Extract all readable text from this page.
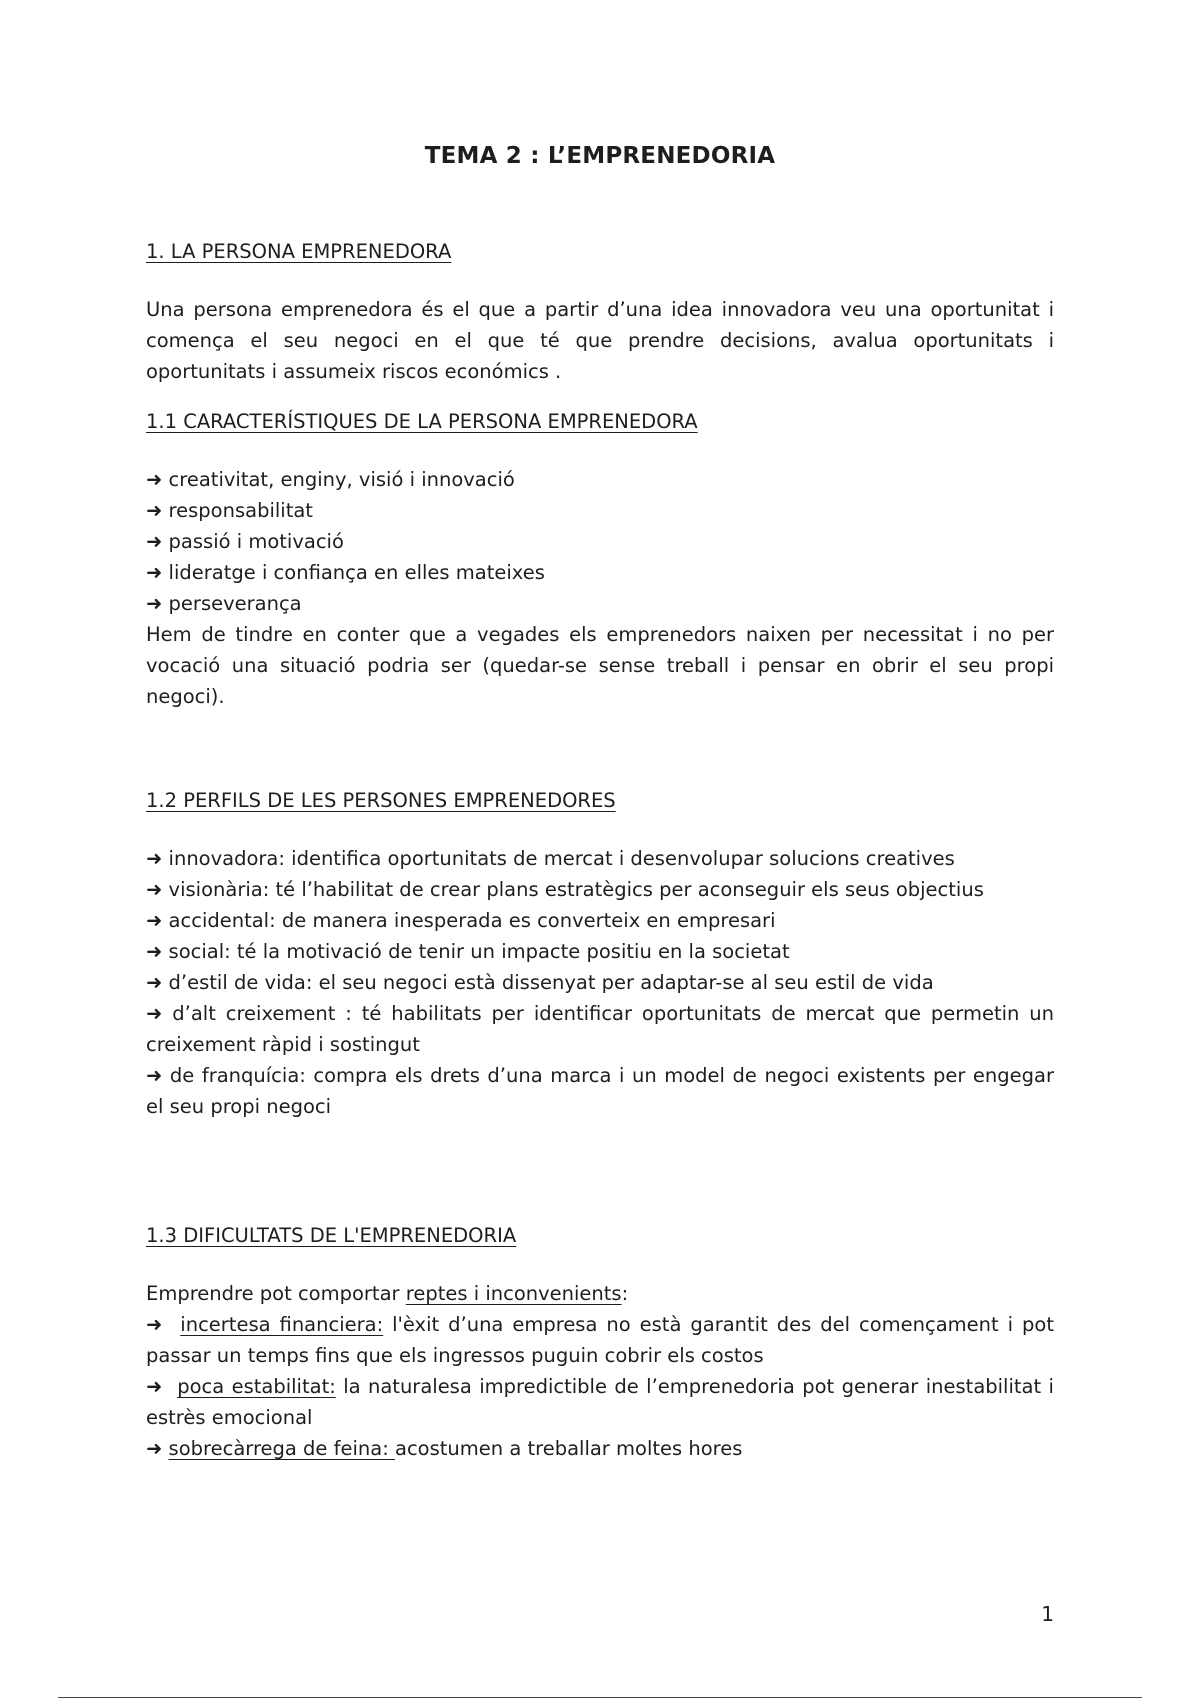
TEMA 2 : L’EMPRENEDORIA
1. LA PERSONA EMPRENEDORA

Una persona emprenedora és el que a partir d’una idea innovadora veu una oportunitat i comença el seu negoci en el que té que prendre decisions, avalua oportunitats i oportunitats i assumeix riscos económics .

1.1 CARACTERÍSTIQUES DE LA PERSONA EMPRENEDORA

➜ creativitat, enginy, visió i innovació

➜ responsabilitat

➜ passió i motivació

➜ lideratge i confiança en elles mateixes

➜ perseverança

Hem de tindre en conter que a vegades els emprenedors naixen per necessitat i no per vocació una situació podria ser (quedar-se sense treball i pensar en obrir el seu propi negoci).

1.2 PERFILS DE LES PERSONES EMPRENEDORES

➜ innovadora: identifica oportunitats de mercat i desenvolupar solucions creatives

➜ visionària: té l’habilitat de crear plans estratègics per aconseguir els seus objectius

➜ accidental: de manera inesperada es converteix en empresari

➜ social: té la motivació de tenir un impacte positiu en la societat

➜ d’estil de vida: el seu negoci està dissenyat per adaptar-se al seu estil de vida

➜ d’alt creixement : té habilitats per identificar oportunitats de mercat que permetin un creixement ràpid i sostingut

➜ de franquícia: compra els drets d’una marca i un model de negoci existents per engegar el seu propi negoci

1.3 DIFICULTATS DE L'EMPRENEDORIA

Emprendre pot comportar reptes i inconvenients:

➜ incertesa financiera: l'èxit d’una empresa no està garantit des del començament i pot passar un temps fins que els ingressos puguin cobrir els costos

➜ poca estabilitat: la naturalesa impredictible de l’emprenedoria pot generar inestabilitat i estrès emocional

➜ sobrecàrrega de feina: acostumen a treballar moltes hores

1
